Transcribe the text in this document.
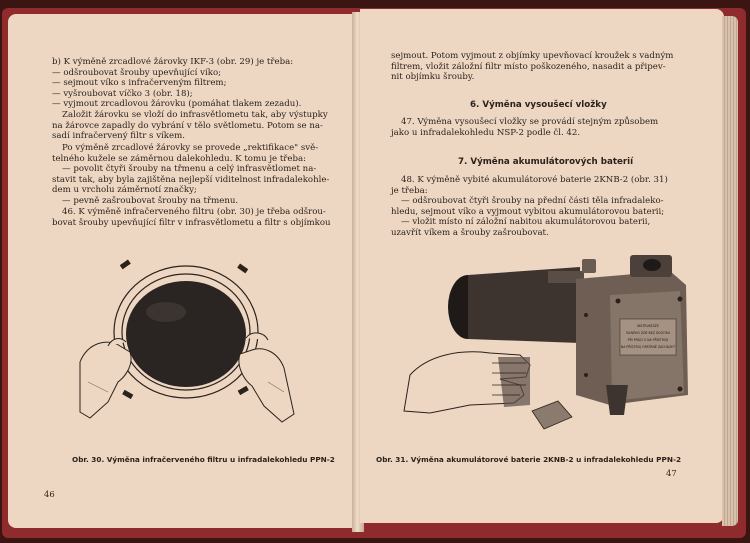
b) K výměně zrcadlové žárovky IKF-3 (obr. 29) je třeba:
— odšroubovat šrouby upevňující víko;
— sejmout víko s infračerveným filtrem;
— vyšroubovat víčko 3 (obr. 18);
— vyjmout zrcadlovou žárovku (pomáhat tlakem zezadu).
Založit žárovku se vloží do infrasvětlometu tak, aby výstupky
na žárovce zapadly do vybrání v tělo světlometu. Potom se na-
sadí infračervený filtr s víkem.
Po výměně zrcadlové žárovky se provede „rektifikace" svě-
telného kužele se záměrnou dalekohledu. K tomu je třeba:
— povolit čtyři šrouby na třmenu a celý infrasvětlomet na-
stavit tak, aby byla zajištěna nejlepší viditelnost infradalekohle-
dem u vrcholu záměrnotí značky;
— pevně zašroubovat šrouby na třmenu.
46. K výměně infračerveného filtru (obr. 30) je třeba odšrou-
bovat šrouby upevňující filtr v infrasvětlometu a filtr s objímkou
Obr. 30. Výměna infračerveného filtru u infradalekohledu PPN-2
46
sejmout. Potom vyjmout z objímky upevňovací kroužek s vadným
filtrem, vložit záložní filtr místo poškozeného, nasadit a připev-
nit objímku šrouby.
6. Výměna vysoušecí vložky
47. Výměna vysoušecí vložky se provádí stejným způsobem
jako u infradalekohledu NSP-2 podle čl. 42.
7. Výměna akumulátorových baterií
48. K výměně vybité akumulátorové baterie 2KNB-2 (obr. 31)
je třeba:
— odšroubovat čtyři šrouby na přední části těla infradaleko-
hledu, sejmout víko a vyjmout vybitou akumulátorovou baterii;
— vložit místo ní záložní nabitou akumulátorovou baterii,
uzavřít víkem a šrouby zašroubovat.
INSTRUKTAŽE
SILNÉHO ZDE BEZ DOZORU
PŘI PRÁCI S NA PŘÍSTROJI
NA PŘÍSTROJ OPATRNĚ ZACHÁZET
Obr. 31. Výměna akumulátorové baterie 2KNB-2 u infradalekohledu PPN-2
47
